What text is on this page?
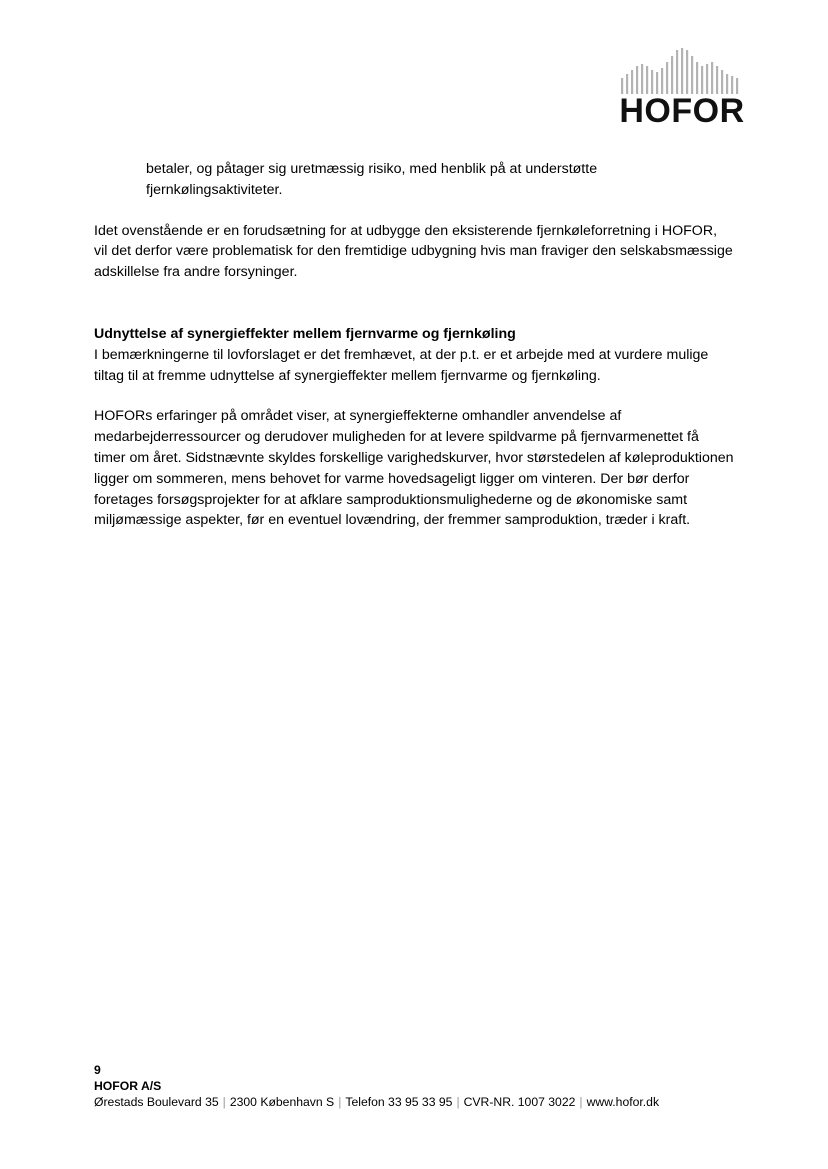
HOFOR

betaler, og påtager sig uretmæssig risiko, med henblik på at understøtte fjernkølingsaktiviteter.

Idet ovenstående er en forudsætning for at udbygge den eksisterende fjernkøleforretning i HOFOR, vil det derfor være problematisk for den fremtidige udbygning hvis man fraviger den selskabsmæssige adskillelse fra andre forsyninger.

Udnyttelse af synergieffekter mellem fjernvarme og fjernkøling

I bemærkningerne til lovforslaget er det fremhævet, at der p.t. er et arbejde med at vurdere mulige tiltag til at fremme udnyttelse af synergieffekter mellem fjernvarme og fjernkøling.

HOFORs erfaringer på området viser, at synergieffekterne omhandler anvendelse af medarbejderressourcer og derudover muligheden for at levere spildvarme på fjernvarmenettet få timer om året. Sidstnævnte skyldes forskellige varighedskurver, hvor størstedelen af køleproduktionen ligger om sommeren, mens behovet for varme hovedsageligt ligger om vinteren. Der bør derfor foretages forsøgsprojekter for at afklare samproduktionsmulighederne og de økonomiske samt miljømæssige aspekter, før en eventuel lovændring, der fremmer samproduktion, træder i kraft.

9
HOFOR A/S
Ørestads Boulevard 35 | 2300 København S | Telefon 33 95 33 95 | CVR-NR. 1007 3022 | www.hofor.dk
